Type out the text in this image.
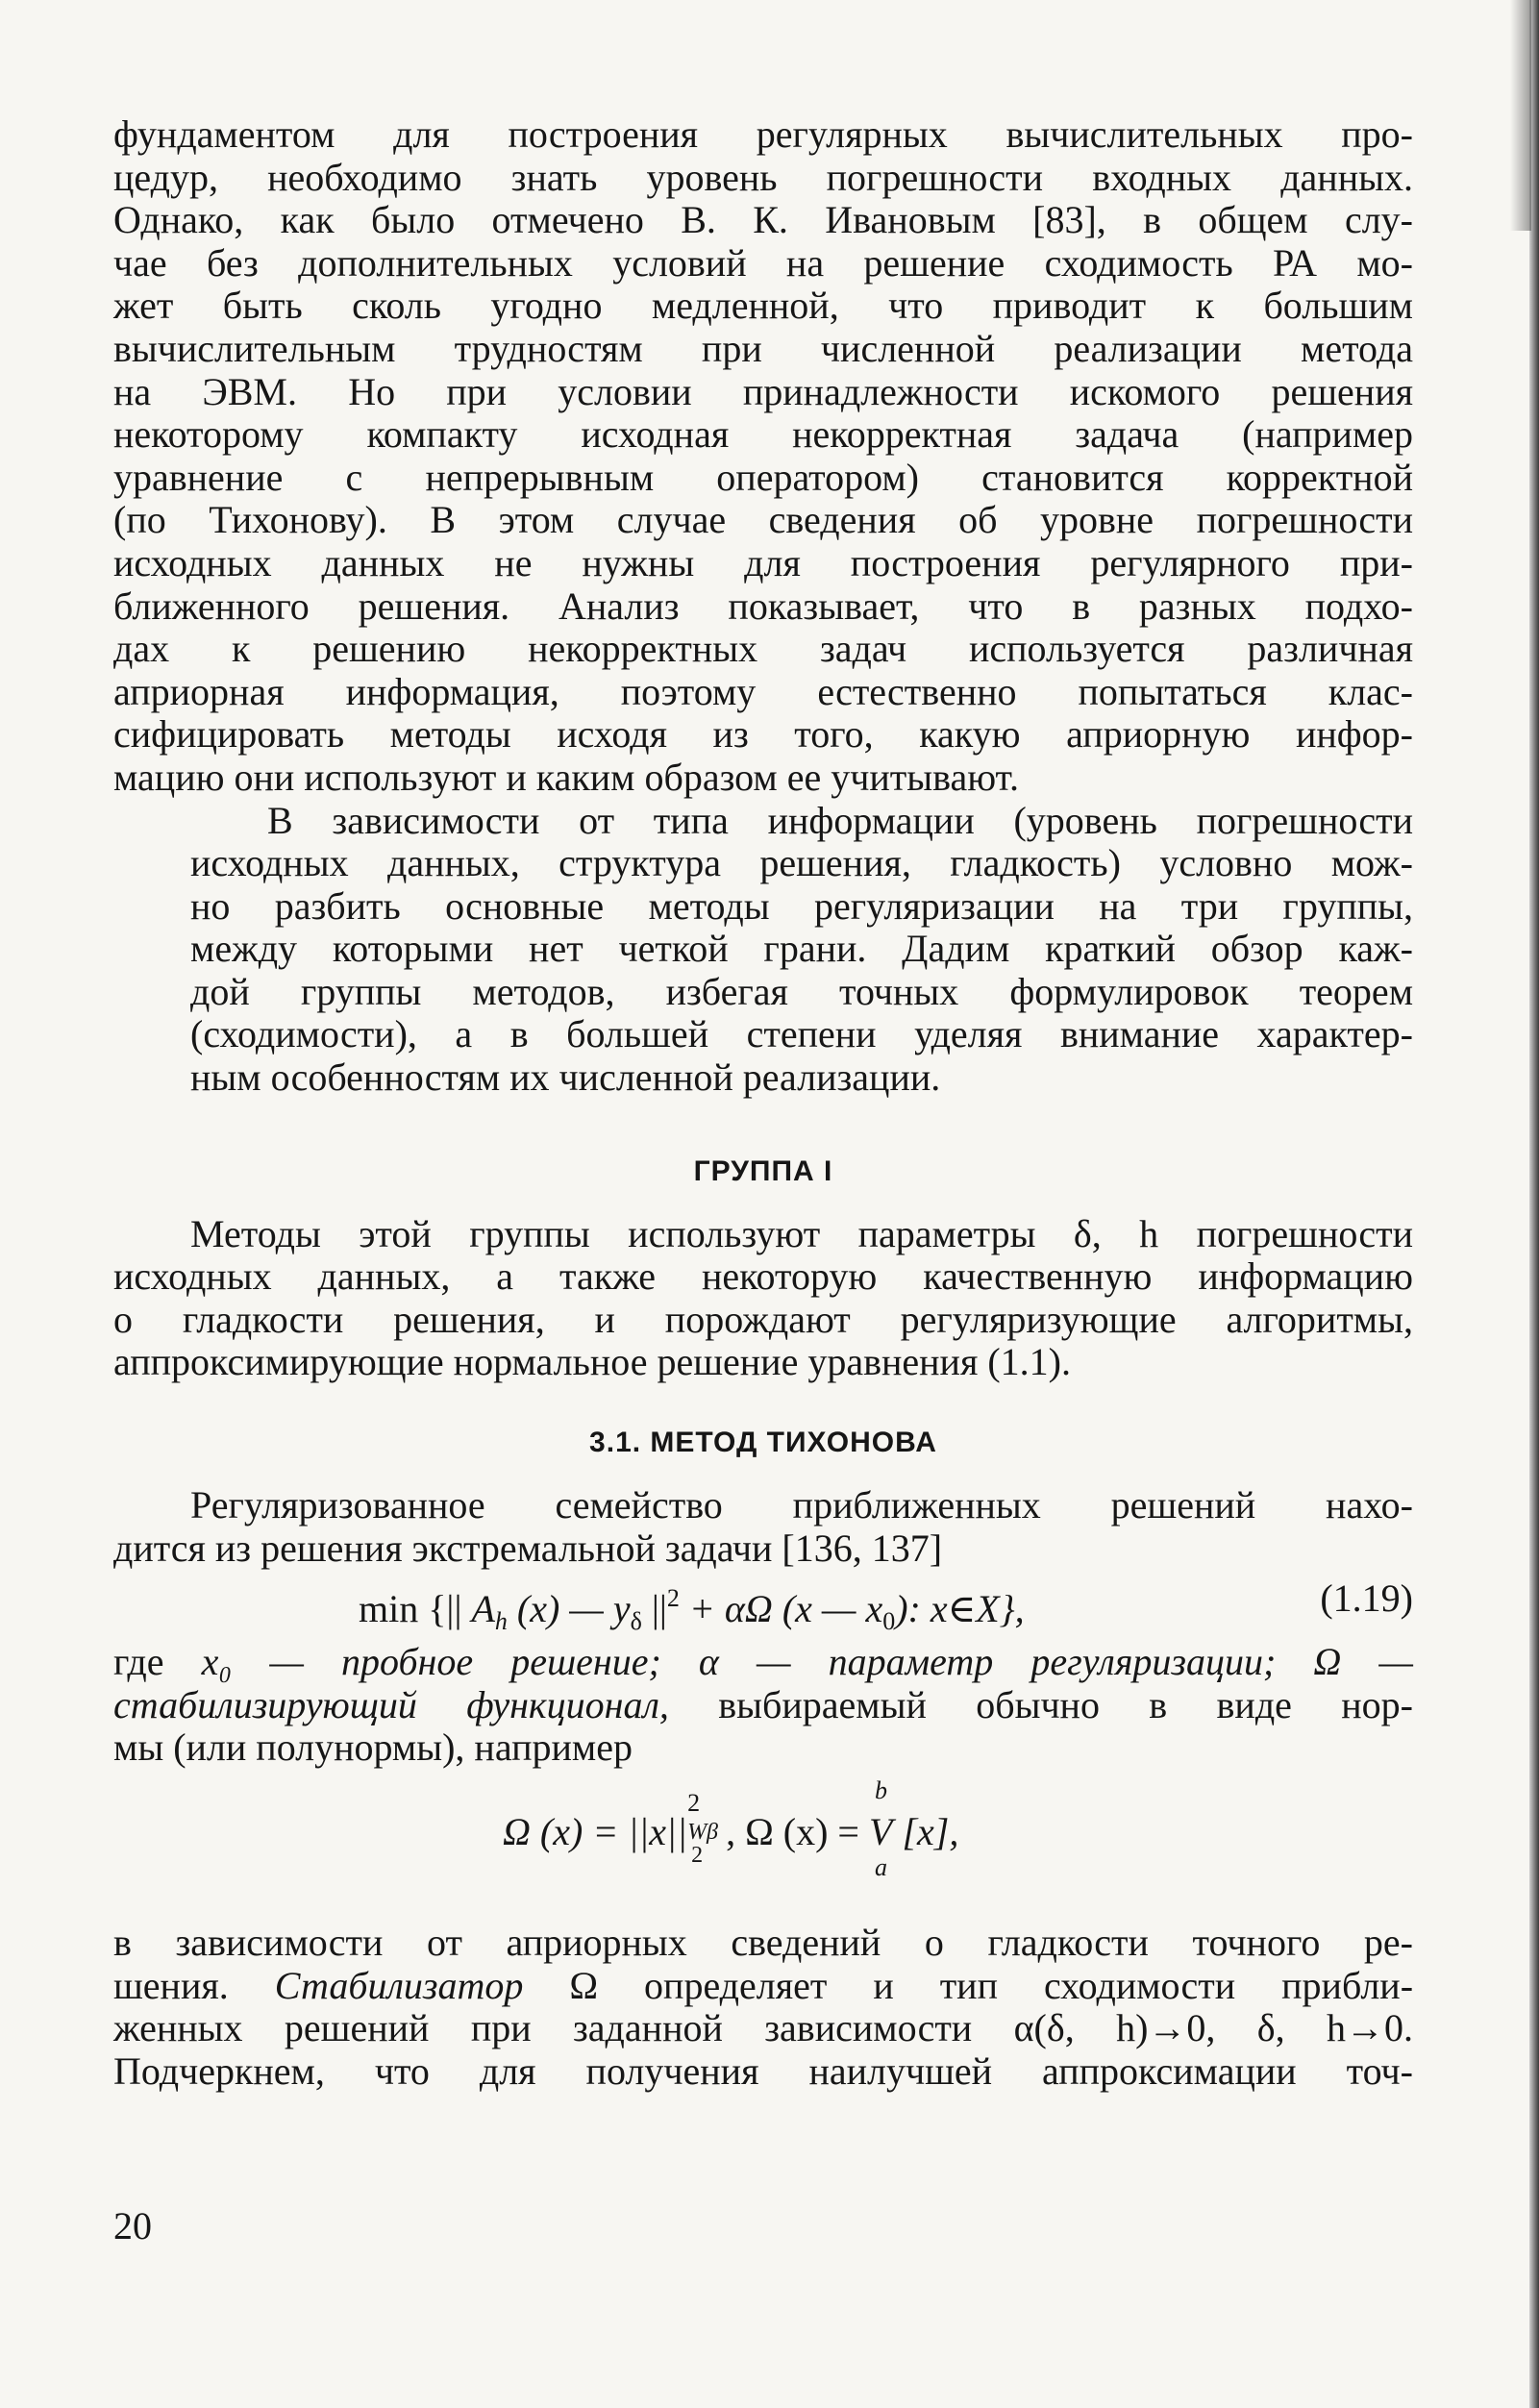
фундаментом для построения регулярных вычислительных про-
цедур, необходимо знать уровень погрешности входных данных.
Однако, как было отмечено В. К. Ивановым [83], в общем слу-
чае без дополнительных условий на решение сходимость РА мо-
жет быть сколь угодно медленной, что приводит к большим
вычислительным трудностям при численной реализации метода
на ЭВМ. Но при условии принадлежности искомого решения
некоторому компакту исходная некорректная задача (например
уравнение с непрерывным оператором) становится корректной
(по Тихонову). В этом случае сведения об уровне погрешности
исходных данных не нужны для построения регулярного при-
ближенного решения. Анализ показывает, что в разных подхо-
дах к решению некорректных задач используется различная
априорная информация, поэтому естественно попытаться клас-
сифицировать методы исходя из того, какую априорную инфор-
мацию они используют и каким образом ее учитывают.
В зависимости от типа информации (уровень погрешности
исходных данных, структура решения, гладкость) условно мож-
но разбить основные методы регуляризации на три группы,
между которыми нет четкой грани. Дадим краткий обзор каж-
дой группы методов, избегая точных формулировок теорем
(сходимости), а в большей степени уделяя внимание характер-
ным особенностям их численной реализации.
ГРУППА I
Методы этой группы используют параметры δ, h погрешности
исходных данных, а также некоторую качественную информацию
о гладкости решения, и порождают регуляризующие алгоритмы,
аппроксимирующие нормальное решение уравнения (1.1).
3.1. МЕТОД ТИХОНОВА
Регуляризованное семейство приближенных решений нахо-
дится из решения экстремальной задачи [136, 137]
min {|| $A_h$ (x) — $y_\delta$ $||^2 + \alpha\Omega$ (x — $x_0$): x∈X},	(1.19)
где x₀ — пробное решение; α — параметр регуляризации; Ω —
стабилизирующий функционал, выбираемый обычно в виде нор-
мы (или полунормы), например
Ω (x) = ||x||
2
Wβ
2
, Ω (x) = V
b
a
[x],
в зависимости от априорных сведений о гладкости точного ре-
шения. Стабилизатор Ω определяет и тип сходимости прибли-
женных решений при заданной зависимости α(δ, h)→0, δ, h→0.
Подчеркнем, что для получения наилучшей аппроксимации точ-
20
